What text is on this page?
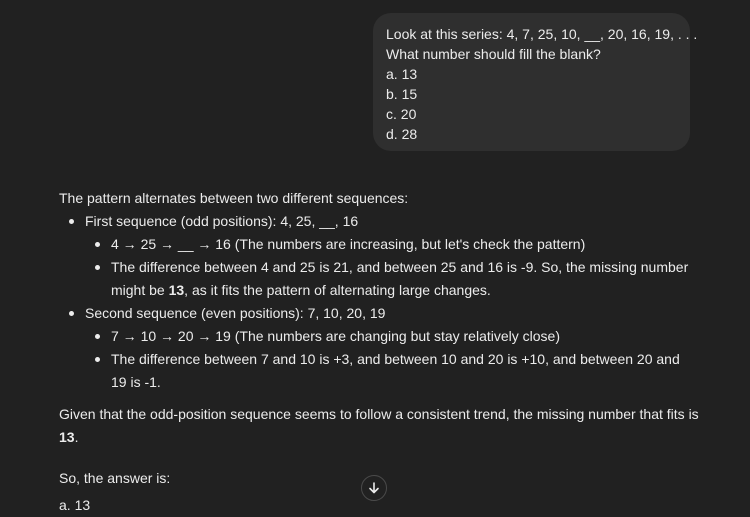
Look at this series: 4, 7, 25, 10, __, 20, 16, 19, . . .
What number should fill the blank?
a. 13
b. 15
c. 20
d. 28

The pattern alternates between two different sequences:

First sequence (odd positions): 4, 25, __, 16
4 → 25 → __ → 16 (The numbers are increasing, but let's check the pattern)
The difference between 4 and 25 is 21, and between 25 and 16 is -9. So, the missing number might be 13, as it fits the pattern of alternating large changes.
Second sequence (even positions): 7, 10, 20, 19
7 → 10 → 20 → 19 (The numbers are changing but stay relatively close)
The difference between 7 and 10 is +3, and between 10 and 20 is +10, and between 20 and 19 is -1.

Given that the odd-position sequence seems to follow a consistent trend, the missing number that fits is 13.

So, the answer is:

a. 13
